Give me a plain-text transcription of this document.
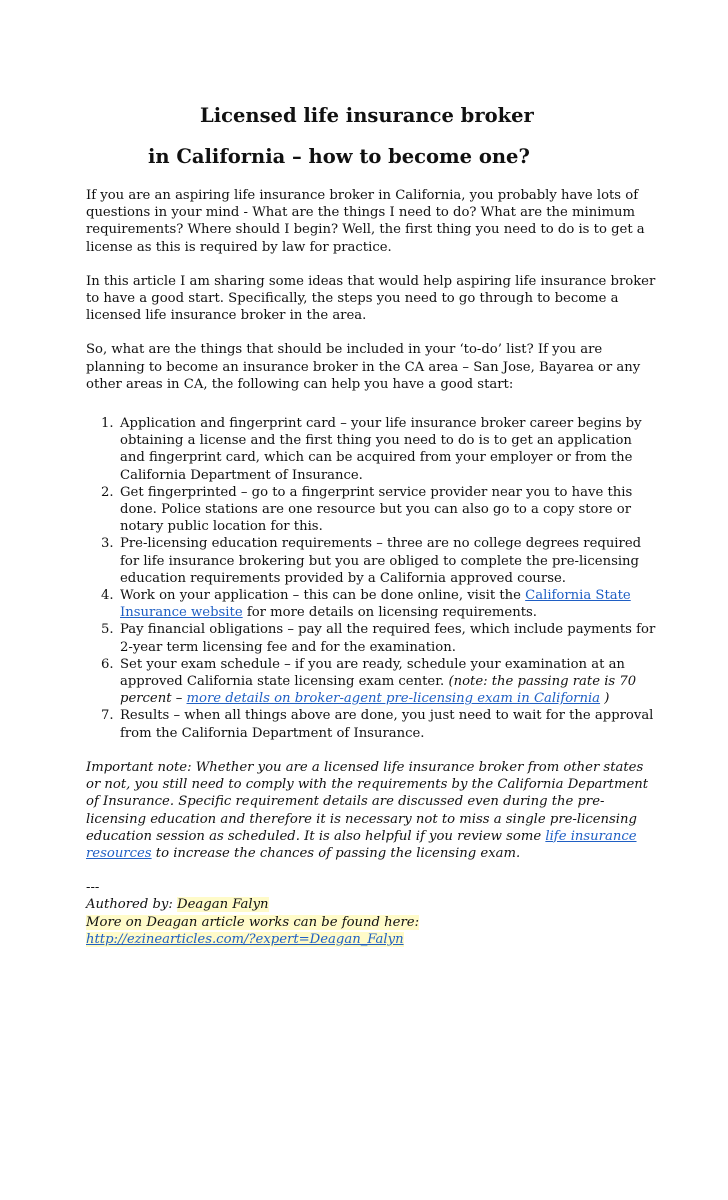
Licensed life insurance broker
in California – how to become one?

If you are an aspiring life insurance broker in California, you probably have lots of questions in your mind - What are the things I need to do? What are the minimum requirements? Where should I begin? Well, the first thing you need to do is to get a license as this is required by law for practice.

In this article I am sharing some ideas that would help aspiring life insurance broker to have a good start. Specifically, the steps you need to go through to become a licensed life insurance broker in the area.

So, what are the things that should be included in your ‘to-do’ list? If you are planning to become an insurance broker in the CA area – San Jose, Bayarea or any other areas in CA, the following can help you have a good start:

Application and fingerprint card – your life insurance broker career begins by obtaining a license and the first thing you need to do is to get an application and fingerprint card, which can be acquired from your employer or from the California Department of Insurance.
Get fingerprinted – go to a fingerprint service provider near you to have this done. Police stations are one resource but you can also go to a copy store or notary public location for this.
Pre-licensing education requirements – three are no college degrees required for life insurance brokering but you are obliged to complete the pre-licensing education requirements provided by a California approved course.
Work on your application – this can be done online, visit the California State Insurance website for more details on licensing requirements.
Pay financial obligations – pay all the required fees, which include payments for 2-year term licensing fee and for the examination.
Set your exam schedule – if you are ready, schedule your examination at an approved California state licensing exam center. (note: the passing rate is 70 percent – more details on broker-agent pre-licensing exam in California )
Results – when all things above are done, you just need to wait for the approval from the California Department of Insurance.

Important note: Whether you are a licensed life insurance broker from other states or not, you still need to comply with the requirements by the California Department of Insurance. Specific requirement details are discussed even during the pre-licensing education and therefore it is necessary not to miss a single pre-licensing education session as scheduled. It is also helpful if you review some life insurance resources to increase the chances of passing the licensing exam.

---
Authored by: Deagan Falyn
More on Deagan article works can be found here:
http://ezinearticles.com/?expert=Deagan_Falyn
